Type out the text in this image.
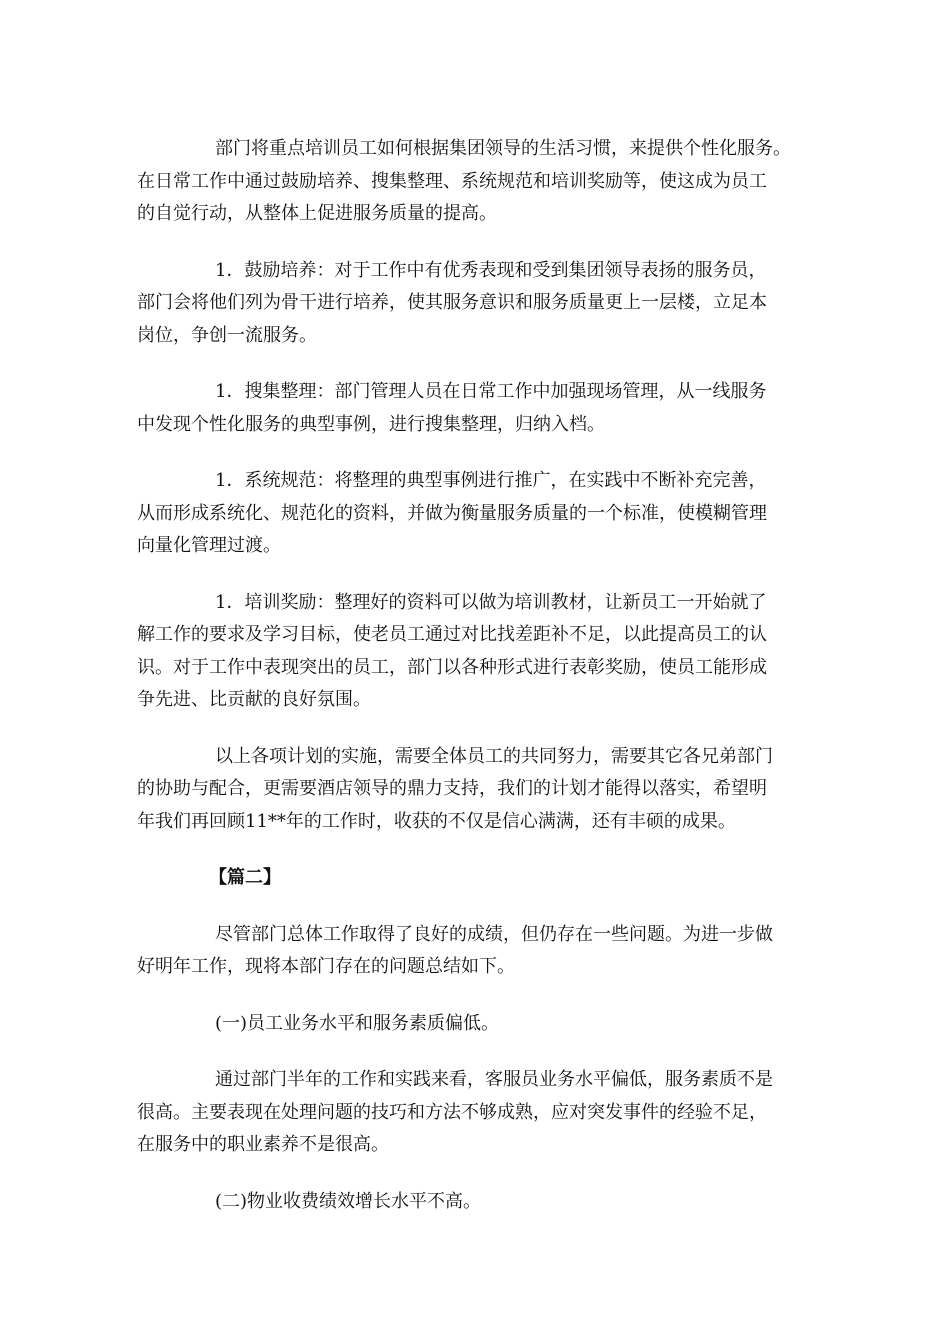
部门将重点培训员工如何根据集团领导的生活习惯，来提供个性化服务。
在日常工作中通过鼓励培养、搜集整理、系统规范和培训奖励等，使这成为员工
的自觉行动，从整体上促进服务质量的提高。

1．鼓励培养：对于工作中有优秀表现和受到集团领导表扬的服务员，
部门会将他们列为骨干进行培养，使其服务意识和服务质量更上一层楼，立足本
岗位，争创一流服务。

1．搜集整理：部门管理人员在日常工作中加强现场管理，从一线服务
中发现个性化服务的典型事例，进行搜集整理，归纳入档。

1．系统规范：将整理的典型事例进行推广，在实践中不断补充完善，
从而形成系统化、规范化的资料，并做为衡量服务质量的一个标准，使模糊管理
向量化管理过渡。

1．培训奖励：整理好的资料可以做为培训教材，让新员工一开始就了
解工作的要求及学习目标，使老员工通过对比找差距补不足，以此提高员工的认
识。对于工作中表现突出的员工，部门以各种形式进行表彰奖励，使员工能形成
争先进、比贡献的良好氛围。

以上各项计划的实施，需要全体员工的共同努力，需要其它各兄弟部门
的协助与配合，更需要酒店领导的鼎力支持，我们的计划才能得以落实，希望明
年我们再回顾11**年的工作时，收获的不仅是信心满满，还有丰硕的成果。

【篇二】

尽管部门总体工作取得了良好的成绩，但仍存在一些问题。为进一步做
好明年工作，现将本部门存在的问题总结如下。

(一)员工业务水平和服务素质偏低。

通过部门半年的工作和实践来看，客服员业务水平偏低，服务素质不是
很高。主要表现在处理问题的技巧和方法不够成熟，应对突发事件的经验不足，
在服务中的职业素养不是很高。

(二)物业收费绩效增长水平不高。
